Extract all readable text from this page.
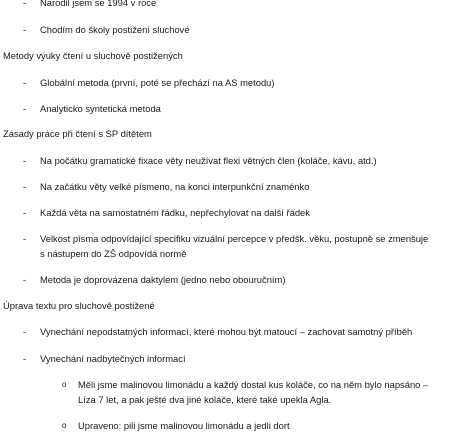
-	Narodil jsem se 1994 v roce
-	Chodím do školy postižení sluchové
Metody výuky čtení u sluchově postižených
-	Globální metoda (první, poté se přechází na AS metodu)
-	Analyticko syntetická metoda
Zásady práce při čtení s SP dítětem
-	Na počátku gramatické fixace věty neužívat flexi větných člen (koláče, kávu, atd.)
-	Na začátku věty velké písmeno, na konci interpunkční znaménko
-	Každá věta na samostatném řádku, nepřechylovat na další řádek
-	Velkost písma odpovídající specifiku vizuální percepce v předšk. věku, postupně se zmenšuje
s nástupem do ZŠ odpovídá normě
-	Metoda je doprovázena daktylem (jedno nebo obouručním)
Úprava textu pro sluchově postižené
-	Vynechání nepodstatných informací, které mohou být matoucí – zachovat samotný příběh
-	Vynechání nadbytečných informací
o Měli jsme malinovou limonádu a každý dostal kus koláče, co na něm bylo napsáno –
Líza 7 let, a pak ješté dva jiné koláče, které také upekla Agla.
o Upraveno: pili jsme malinovou limonádu a jedli dort
